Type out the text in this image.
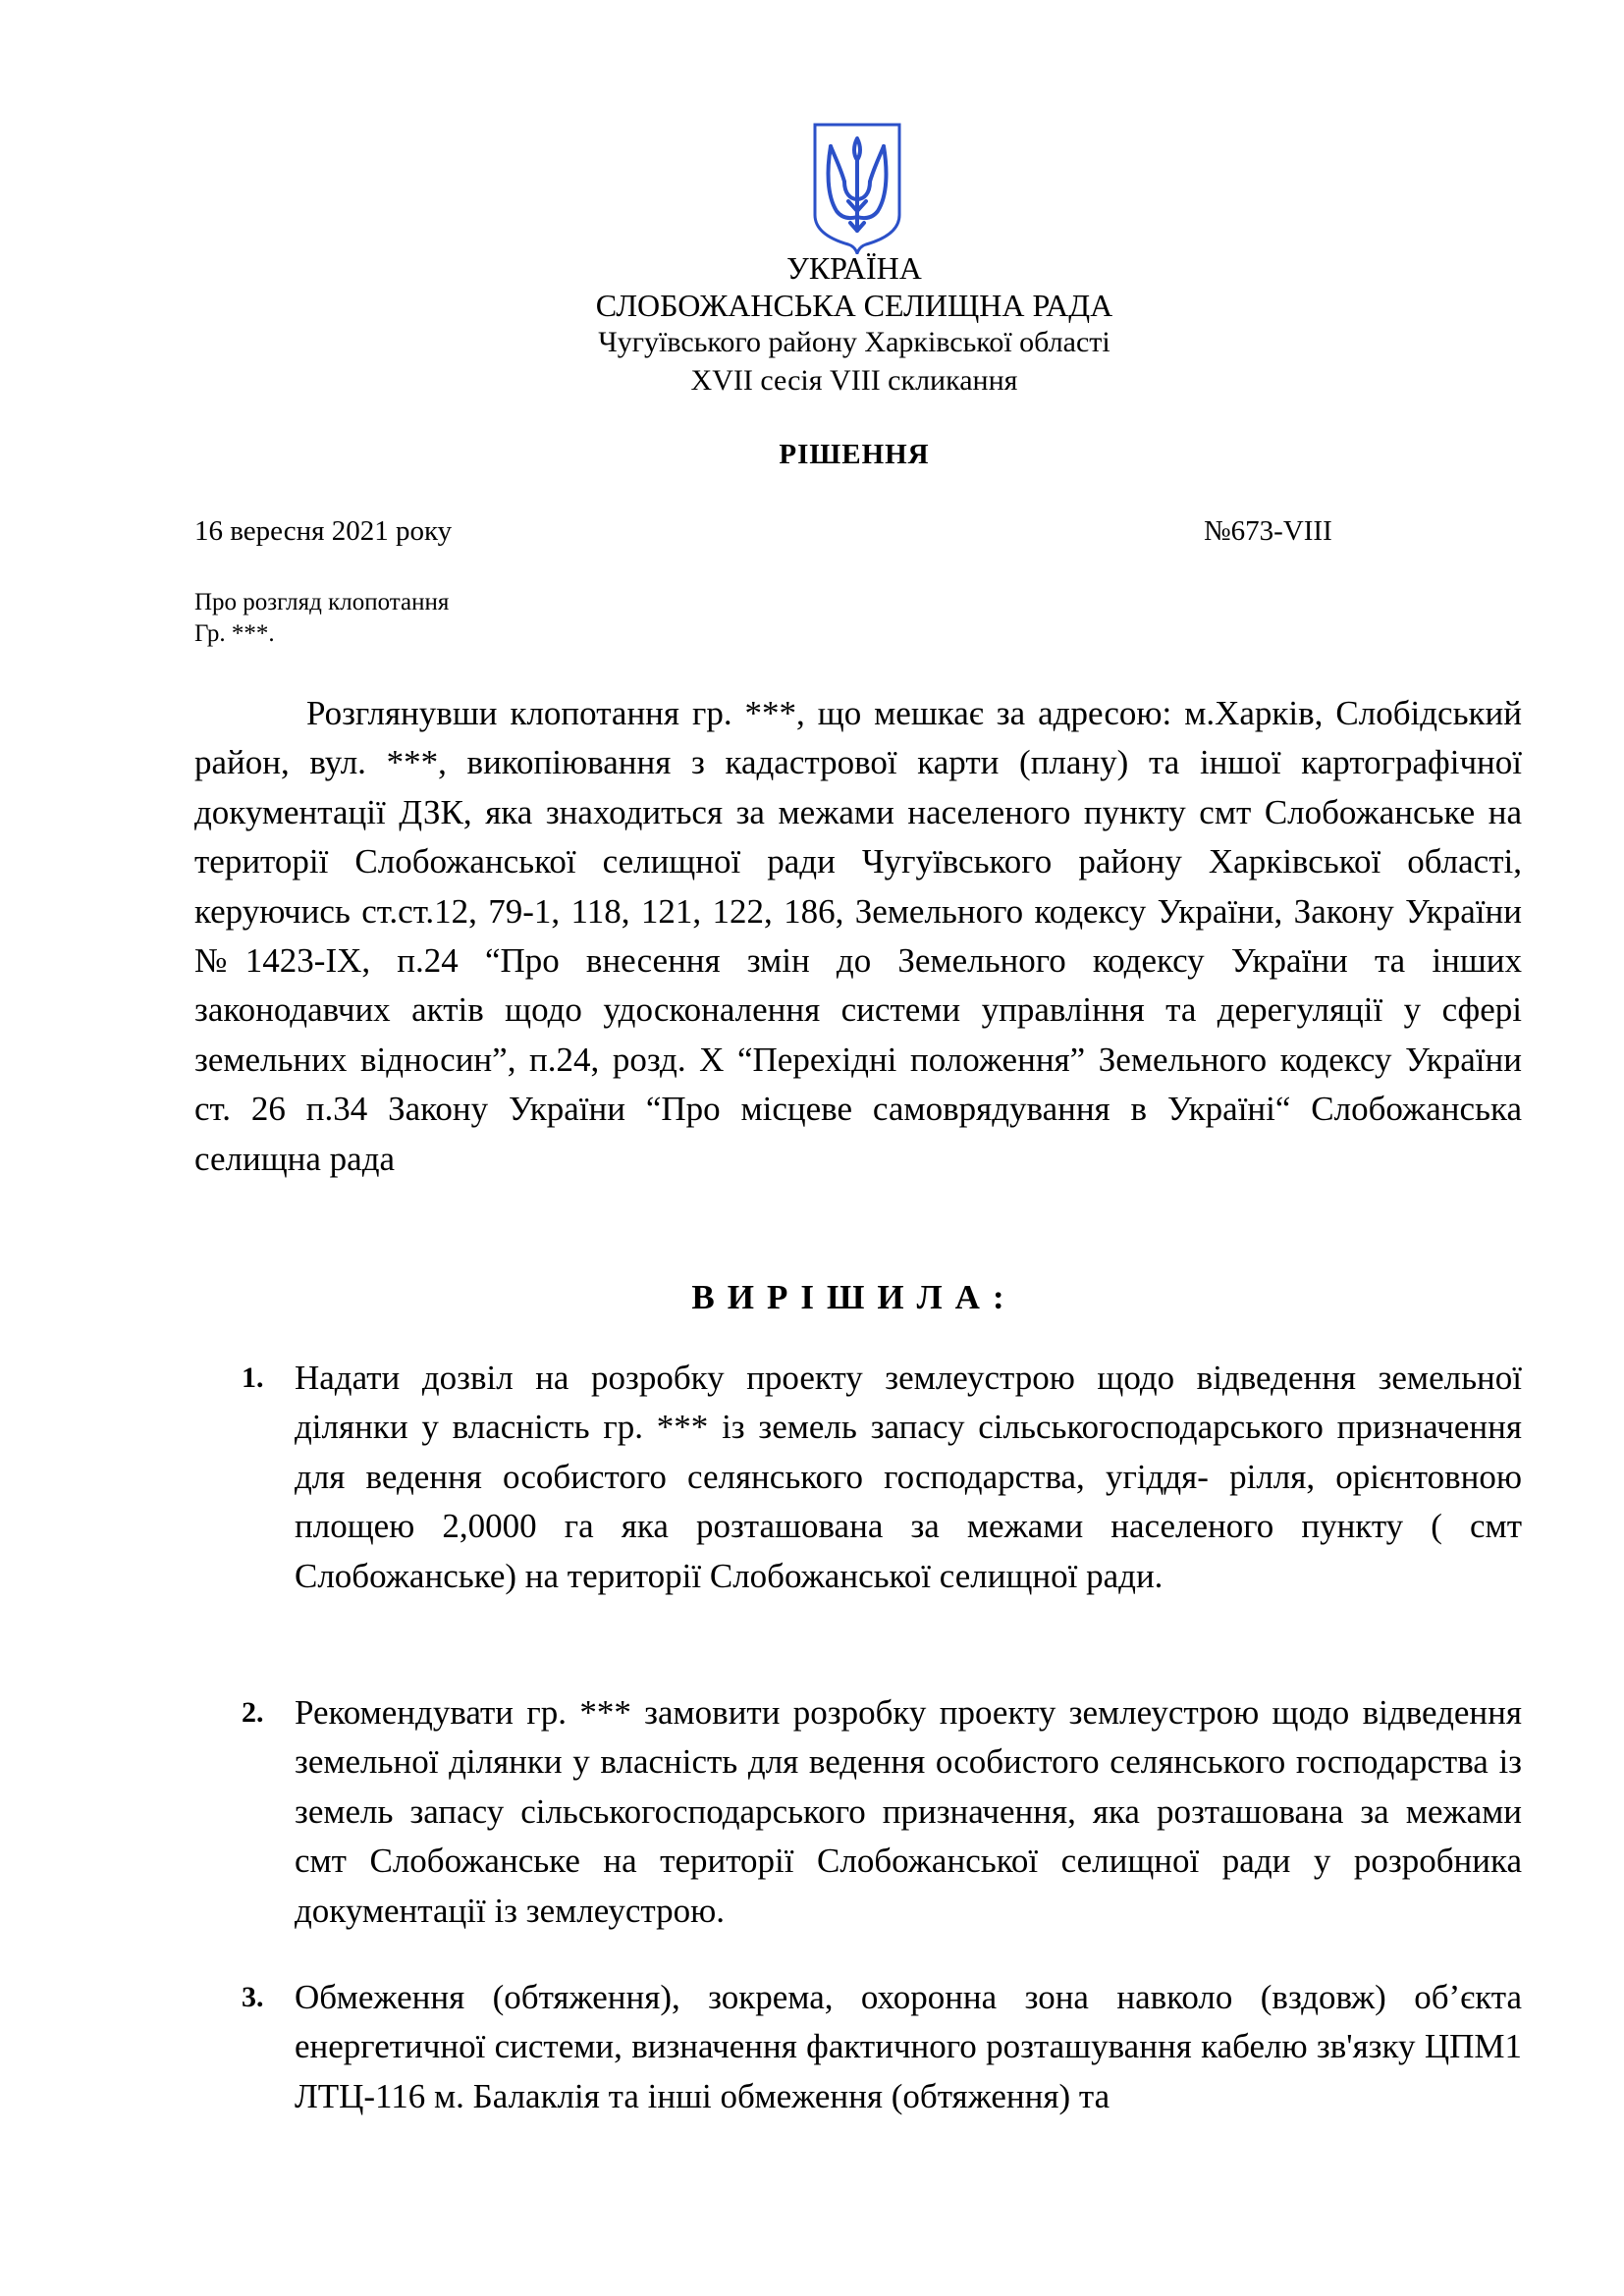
УКРАЇНА
СЛОБОЖАНСЬКА СЕЛИЩНА РАДА
Чугуївського району Харківської області
XVII сесія VIII скликання
РІШЕННЯ
16 вересня 2021 року	№673-VIII
Про розгляд клопотання
Гр. ***.

Розглянувши клопотання гр. ***, що мешкає за адресою: м.Харків, Слобідський район, вул. ***, викопіювання з кадастрової карти (плану) та іншої картографічної документації ДЗК, яка знаходиться за межами населеного пункту смт Слобожанське на території Слобожанської селищної ради Чугуївського району Харківської області, керуючись ст.ст.12, 79-1, 118, 121, 122, 186, Земельного кодексу України, Закону України №1423-ІХ, п.24 “Про внесення змін до Земельного кодексу України та інших законодавчих актів щодо удосконалення системи управління та дерегуляції у сфері земельних відносин”, п.24, розд. Х “Перехідні положення” Земельного кодексу України ст. 26 п.34 Закону України “Про місцеве самоврядування в Україні“ Слобожанська селищна рада

ВИРІШИЛА:
1. Надати дозвіл на розробку проекту землеустрою щодо відведення земельної ділянки у власність гр. *** із земель запасу сільськогосподарського призначення для ведення особистого селянського господарства, угіддя- рілля, орієнтовною площею 2,0000 га яка розташована за межами населеного пункту ( смт Слобожанське) на території Слобожанської селищної ради.

2. Рекомендувати гр. *** замовити розробку проекту землеустрою щодо відведення земельної ділянки у власність для ведення особистого селянського господарства із земель запасу сільськогосподарського призначення, яка розташована за межами смт Слобожанське на території Слобожанської селищної ради у розробника документації із землеустрою.

3. Обмеження (обтяження), зокрема, охоронна зона навколо (вздовж) об’єкта енергетичної системи, визначення фактичного розташування кабелю зв'язку ЦПМ1 ЛТЦ-116 м. Балаклія та інші обмеження (обтяження) та
